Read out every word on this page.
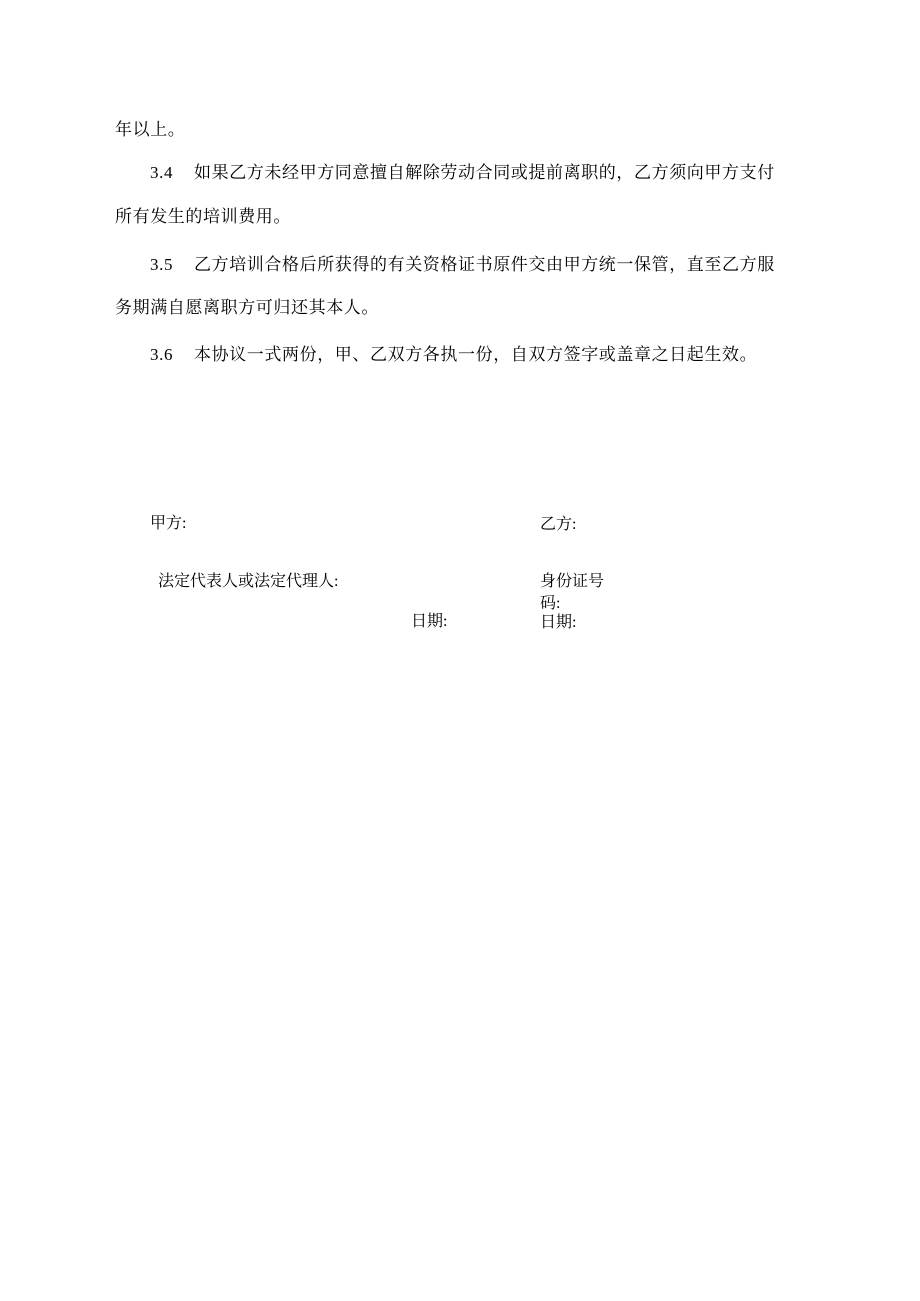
年以上。
3.4 如果乙方未经甲方同意擅自解除劳动合同或提前离职的，乙方须向甲方支付
所有发生的培训费用。
3.5 乙方培训合格后所获得的有关资格证书原件交由甲方统一保管，直至乙方服
务期满自愿离职方可归还其本人。
3.6 本协议一式两份，甲、乙双方各执一份，自双方签字或盖章之日起生效。
甲方:	乙方:
法定代表人或法定代理人:	身份证号码:
日期:	日期:
